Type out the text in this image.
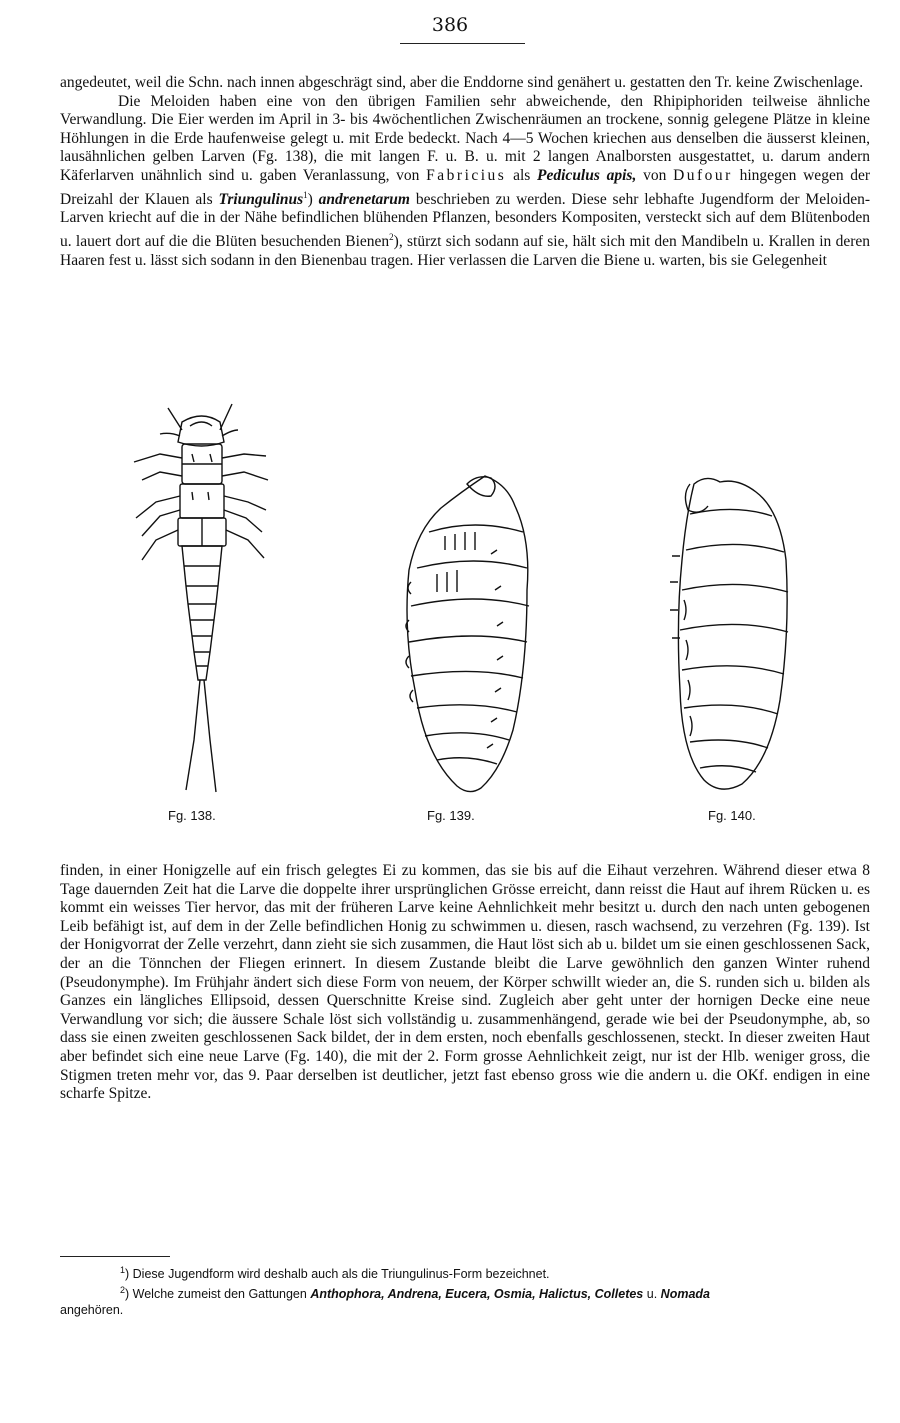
386

angedeutet, weil die Schn. nach innen abgeschrägt sind, aber die Enddorne sind genähert u. gestatten den Tr. keine Zwischenlage.

Die Meloiden haben eine von den übrigen Familien sehr abweichende, den Rhipiphoriden teilweise ähnliche Verwandlung. Die Eier werden im April in 3- bis 4wöchentlichen Zwischenräumen an trockene, sonnig gelegene Plätze in kleine Höhlungen in die Erde haufenweise gelegt u. mit Erde bedeckt. Nach 4—5 Wochen kriechen aus denselben die äusserst kleinen, lausähnlichen gelben Larven (Fg. 138), die mit langen F. u. B. u. mit 2 langen Analborsten ausgestattet, u. darum andern Käferlarven unähnlich sind u. gaben Veranlassung, von Fabricius als Pediculus apis, von Dufour hingegen wegen der Dreizahl der Klauen als Triungulinus$^1$) andrenetarum beschrieben zu werden. Diese sehr lebhafte Jugendform der Meloiden-Larven kriecht auf die in der Nähe befindlichen blühenden Pflanzen, besonders Kompositen, versteckt sich auf dem Blütenboden u. lauert dort auf die die Blüten besuchenden Bienen$^2$), stürzt sich sodann auf sie, hält sich mit den Mandibeln u. Krallen in deren Haaren fest u. lässt sich sodann in den Bienenbau tragen. Hier verlassen die Larven die Biene u. warten, bis sie Gelegenheit

Fg. 138.	Fg. 139.	Fg. 140.

finden, in einer Honigzelle auf ein frisch gelegtes Ei zu kommen, das sie bis auf die Eihaut verzehren. Während dieser etwa 8 Tage dauernden Zeit hat die Larve die doppelte ihrer ursprünglichen Grösse erreicht, dann reisst die Haut auf ihrem Rücken u. es kommt ein weisses Tier hervor, das mit der früheren Larve keine Aehnlichkeit mehr besitzt u. durch den nach unten gebogenen Leib befähigt ist, auf dem in der Zelle befindlichen Honig zu schwimmen u. diesen, rasch wachsend, zu verzehren (Fg. 139). Ist der Honigvorrat der Zelle verzehrt, dann zieht sie sich zusammen, die Haut löst sich ab u. bildet um sie einen geschlossenen Sack, der an die Tönnchen der Fliegen erinnert. In diesem Zustande bleibt die Larve gewöhnlich den ganzen Winter ruhend (Pseudonymphe). Im Frühjahr ändert sich diese Form von neuem, der Körper schwillt wieder an, die S. runden sich u. bilden als Ganzes ein längliches Ellipsoid, dessen Querschnitte Kreise sind. Zugleich aber geht unter der hornigen Decke eine neue Verwandlung vor sich; die äussere Schale löst sich vollständig u. zusammenhängend, gerade wie bei der Pseudonymphe, ab, so dass sie einen zweiten geschlossenen Sack bildet, der in dem ersten, noch ebenfalls geschlossenen, steckt. In dieser zweiten Haut aber befindet sich eine neue Larve (Fg. 140), die mit der 2. Form grosse Aehnlichkeit zeigt, nur ist der Hlb. weniger gross, die Stigmen treten mehr vor, das 9. Paar derselben ist deutlicher, jetzt fast ebenso gross wie die andern u. die OKf. endigen in eine scharfe Spitze.

$^1$) Diese Jugendform wird deshalb auch als die Triungulinus-Form bezeichnet.

$^2$) Welche zumeist den Gattungen Anthophora, Andrena, Eucera, Osmia, Halictus, Colletes u. Nomada

angehören.
